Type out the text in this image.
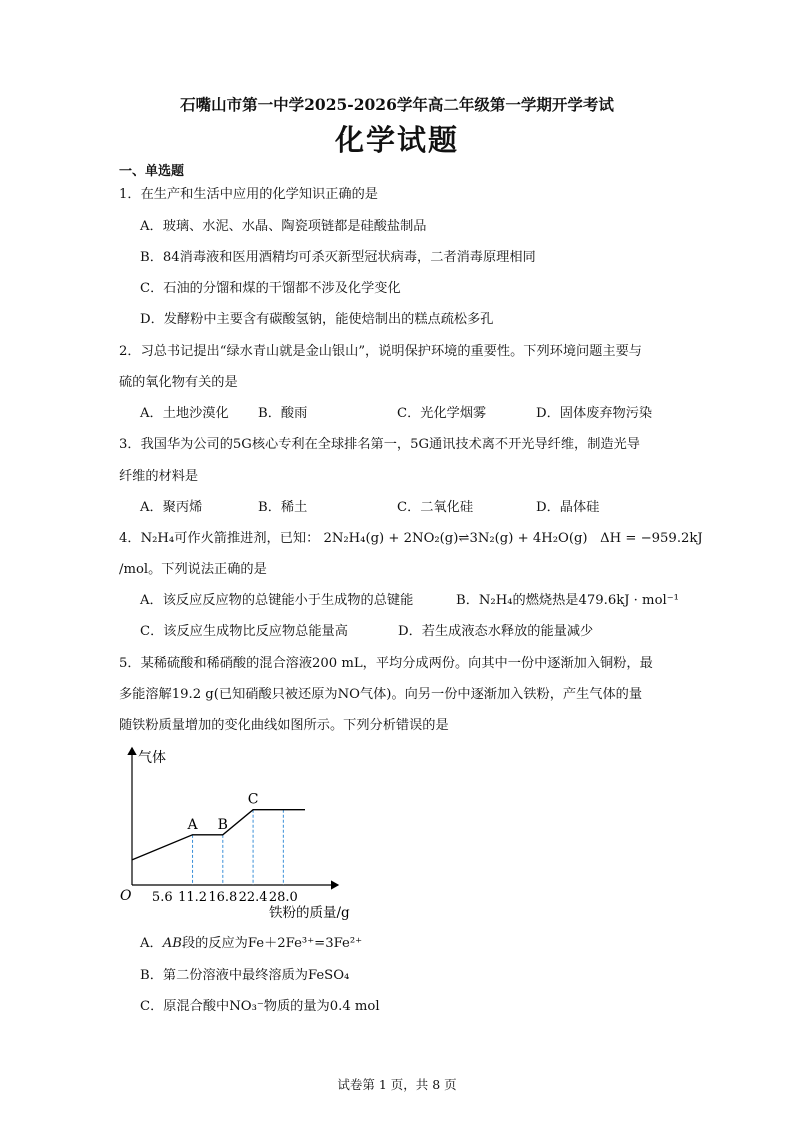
石嘴山市第一中学2025-2026学年高二年级第一学期开学考试
化学试题
一、单选题
1．在生产和生活中应用的化学知识正确的是
A．玻璃、水泥、水晶、陶瓷项链都是硅酸盐制品
B．84消毒液和医用酒精均可杀灭新型冠状病毒，二者消毒原理相同
C．石油的分馏和煤的干馏都不涉及化学变化
D．发酵粉中主要含有碳酸氢钠，能使焙制出的糕点疏松多孔
2．习总书记提出“绿水青山就是金山银山”，说明保护环境的重要性。下列环境问题主要与
硫的氧化物有关的是
A．土地沙漠化 B．酸雨	C．光化学烟雾	D．固体废弃物污染
3．我国华为公司的5G核心专利在全球排名第一，5G通讯技术离不开光导纤维，制造光导
纤维的材料是
A．聚丙烯	B．稀土	C．二氧化硅	D．晶体硅
4．N₂H₄可作火箭推进剂，已知： 2N₂H₄(g) + 2NO₂(g)⇌3N₂(g) + 4H₂O(g) ΔH = −959.2kJ
/mol。下列说法正确的是
A．该反应反应物的总键能小于生成物的总键能	B．N₂H₄的燃烧热是479.6kJ · mol⁻¹
C．该反应生成物比反应物总能量高	D．若生成液态水释放的能量减少
5．某稀硫酸和稀硝酸的混合溶液200 mL，平均分成两份。向其中一份中逐渐加入铜粉，最
多能溶解19.2 g(已知硝酸只被还原为NO气体)。向另一份中逐渐加入铁粉，产生气体的量
随铁粉质量增加的变化曲线如图所示。下列分析错误的是
气体
O
铁粉的质量/g
5.6 11.2 16.8 22.4 28.0
A B
C
A．AB段的反应为Fe＋2Fe³⁺=3Fe²⁺
B．第二份溶液中最终溶质为FeSO₄
C．原混合酸中NO₃⁻物质的量为0.4 mol
试卷第 1 页，共 8 页
